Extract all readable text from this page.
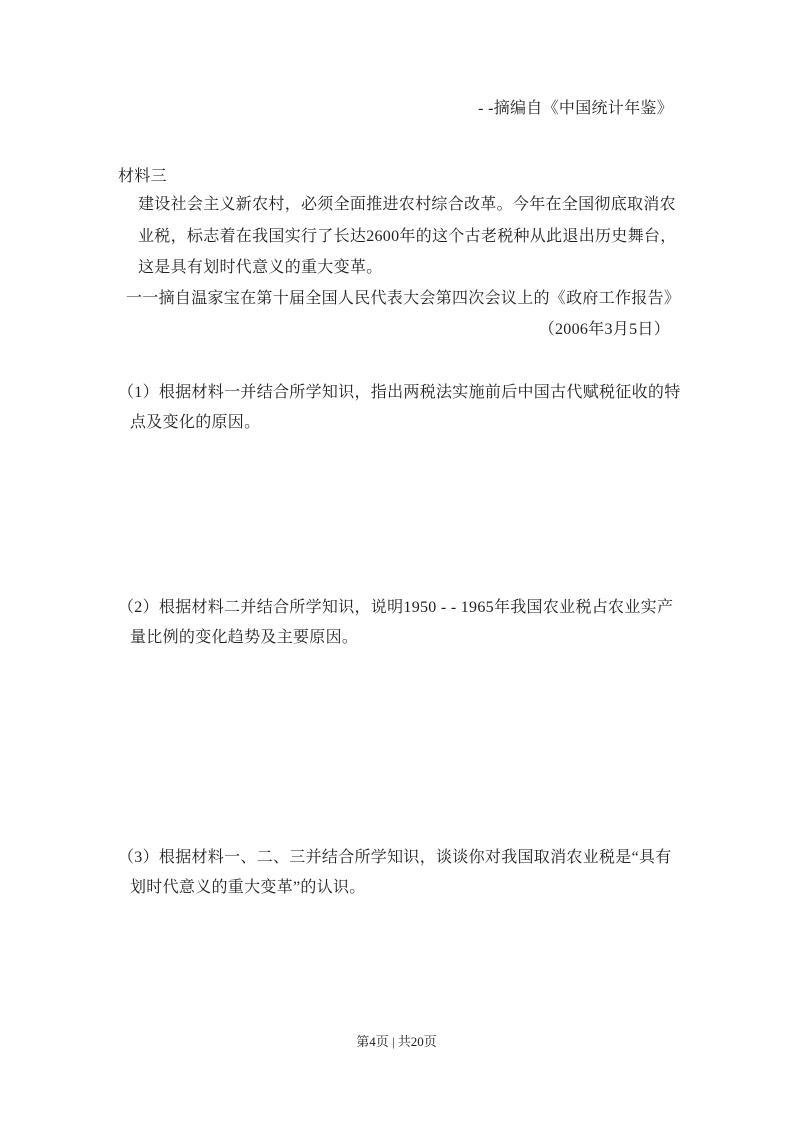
- -摘编自《中国统计年鉴》
材料三
建设社会主义新农村，必须全面推进农村综合改革。今年在全国彻底取消农
业税，标志着在我国实行了长达2600年的这个古老税种从此退出历史舞台，
这是具有划时代意义的重大变革。
一一摘自温家宝在第十届全国人民代表大会第四次会议上的《政府工作报告》
（2006年3月5日）
（1）根据材料一并结合所学知识，指出两税法实施前后中国古代赋税征收的特
点及变化的原因。
（2）根据材料二并结合所学知识，说明1950 - - 1965年我国农业税占农业实产
量比例的变化趋势及主要原因。
（3）根据材料一、二、三并结合所学知识，谈谈你对我国取消农业税是“具有
划时代意义的重大变革”的认识。
第4页 | 共20页
